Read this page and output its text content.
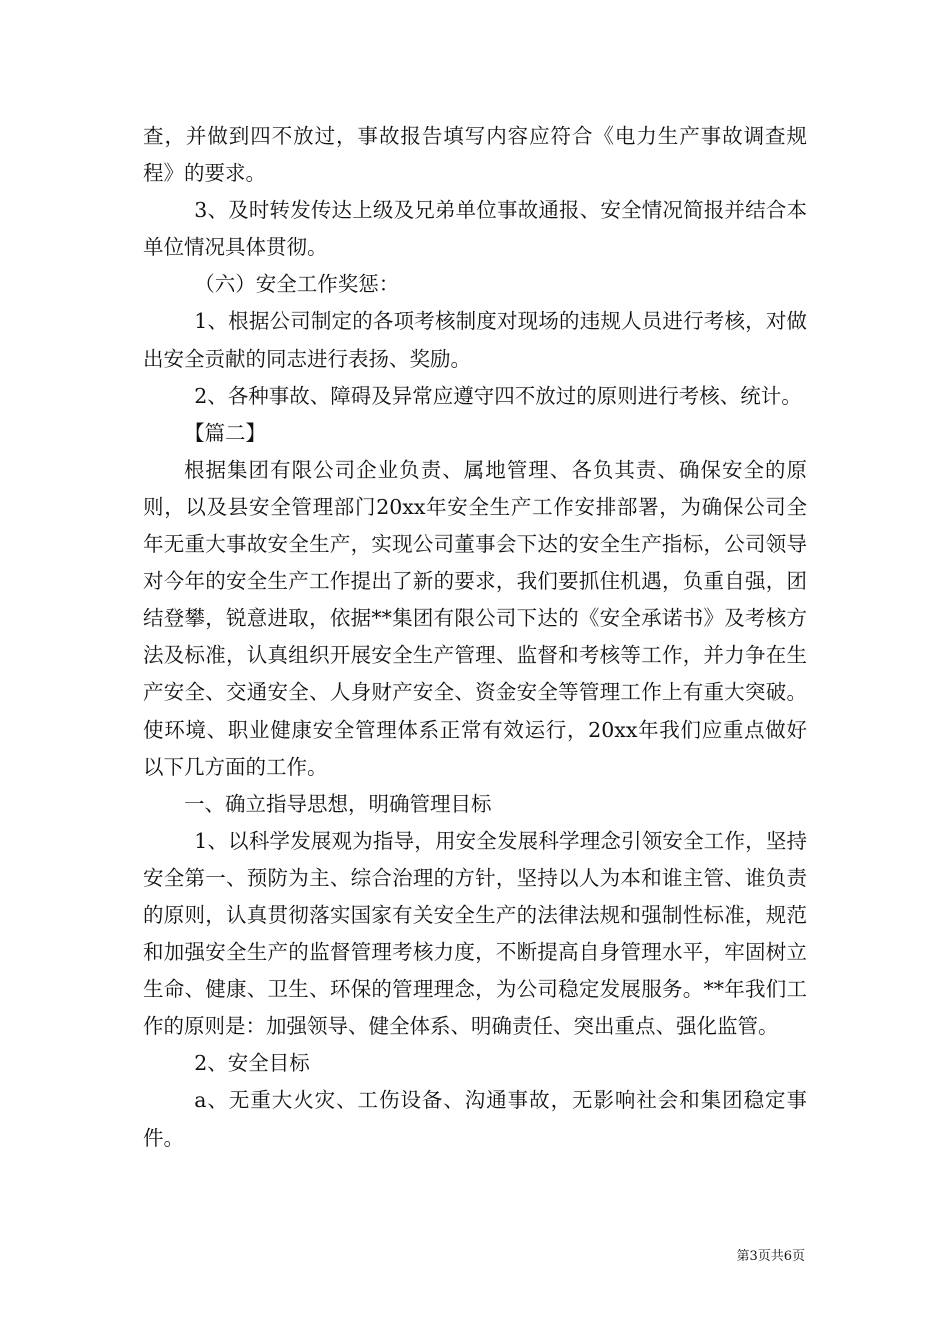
查，并做到四不放过，事故报告填写内容应符合《电力生产事故调查规程》的要求。

3、及时转发传达上级及兄弟单位事故通报、安全情况简报并结合本单位情况具体贯彻。

（六）安全工作奖惩：

1、根据公司制定的各项考核制度对现场的违规人员进行考核，对做出安全贡献的同志进行表扬、奖励。

2、各种事故、障碍及异常应遵守四不放过的原则进行考核、统计。

【篇二】

根据集团有限公司企业负责、属地管理、各负其责、确保安全的原则，以及县安全管理部门20xx年安全生产工作安排部署，为确保公司全年无重大事故安全生产，实现公司董事会下达的安全生产指标，公司领导对今年的安全生产工作提出了新的要求，我们要抓住机遇，负重自强，团结登攀，锐意进取，依据**集团有限公司下达的《安全承诺书》及考核方法及标准，认真组织开展安全生产管理、监督和考核等工作，并力争在生产安全、交通安全、人身财产安全、资金安全等管理工作上有重大突破。使环境、职业健康安全管理体系正常有效运行，20xx年我们应重点做好以下几方面的工作。

一、确立指导思想，明确管理目标

1、以科学发展观为指导，用安全发展科学理念引领安全工作，坚持安全第一、预防为主、综合治理的方针，坚持以人为本和谁主管、谁负责的原则，认真贯彻落实国家有关安全生产的法律法规和强制性标准，规范和加强安全生产的监督管理考核力度，不断提高自身管理水平，牢固树立生命、健康、卫生、环保的管理理念，为公司稳定发展服务。**年我们工作的原则是：加强领导、健全体系、明确责任、突出重点、强化监管。

2、安全目标

a、无重大火灾、工伤设备、沟通事故，无影响社会和集团稳定事件。

第3页共6页
